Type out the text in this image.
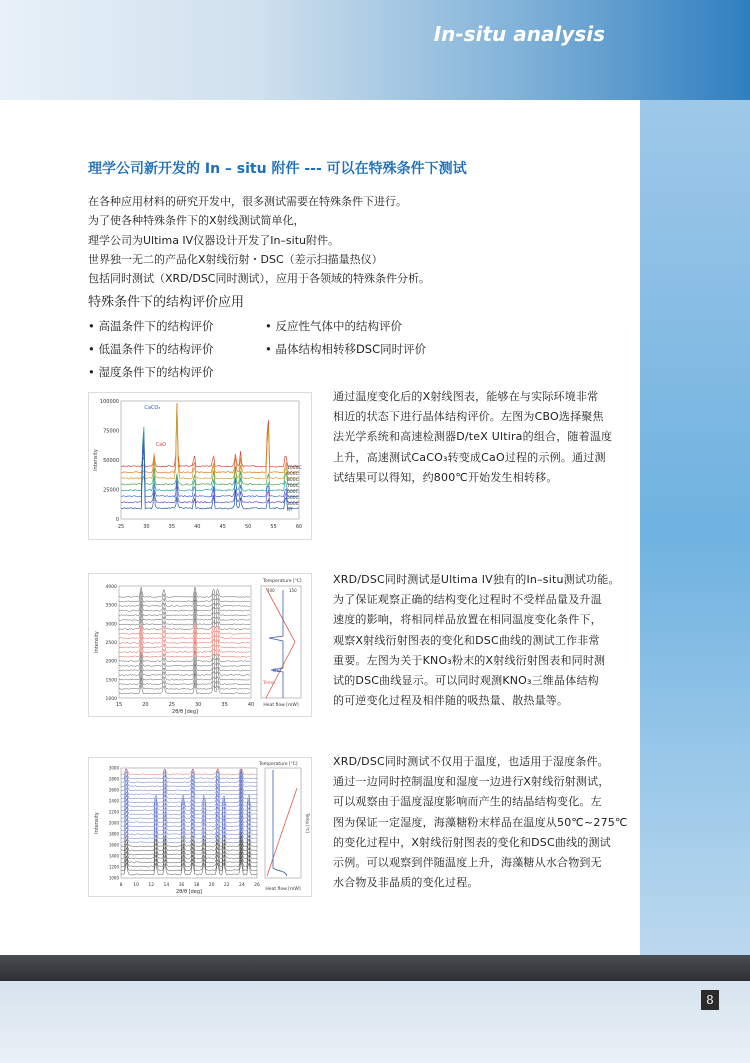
In-situ analysis
8
理学公司新开发的 In – situ 附件 --- 可以在特殊条件下测试
在各种应用材料的研究开发中，很多测试需要在特殊条件下进行。
为了使各种特殊条件下的X射线测试简单化，
理学公司为Ultima IV仪器设计开发了In–situ附件。
世界独一无二的产品化X射线衍射・DSC（差示扫描量热仪）
包括同时测试（XRD/DSC同时测试），应用于各领域的特殊条件分析。
特殊条件下的结构评价应用
• 高温条件下的结构评价	• 反应性气体中的结构评价
• 低温条件下的结构评价	• 晶体结构相转移DSC同时评价
• 湿度条件下的结构评价
25	30	35	40	45	50	55	60
0
25000
50000
75000
100000
Intensity	1000C
900C
800C
700C
600C
500C
300C
RT
CaCO₃
CaO
通过温度变化后的X射线图表，能够在与实际环境非常
相近的状态下进行晶体结构评价。左图为CBO选择聚焦
法光学系统和高速检测器D/teX Ultira的组合，随着温度
上升，高速测试CaCO₃转变成CaO过程的示例。通过测
试结果可以得知，约800℃开始发生相转移。
15	20	25	30	35	40
1000
1500
2000
2500
3000
3500
4000
Intensity
2θ/θ [deg]
Temperature [℃]
100	150
Heat flow [mW]
DSC
Temp
XRD/DSC同时测试是Ultima IV独有的In–situ测试功能。
为了保证观察正确的结构变化过程时不受样品量及升温
速度的影响，将相同样品放置在相同温度变化条件下，
观察X射线衍射图表的变化和DSC曲线的测试工作非常
重要。左图为关于KNO₃粉末的X射线衍射图表和同时测
试的DSC曲线显示。可以同时观测KNO₃三维晶体结构
的可逆变化过程及相伴随的吸热量、散热量等。
8 10 12 14 16 18 20 22 24 26
1000
1200
1400
1600
1800
2000
2200
2400
2600
2800
3000
Intensity
2θ/θ [deg]
Temperature [℃]
Heat flow [mW]
Temp [℃]
XRD/DSC同时测试不仅用于温度，也适用于湿度条件。
通过一边同时控制温度和湿度一边进行X射线衍射测试，
可以观察由于温度湿度影响而产生的结晶结构变化。左
图为保证一定湿度，海藻糖粉末样品在温度从50℃~275℃
的变化过程中，X射线衍射图表的变化和DSC曲线的测试
示例。可以观察到伴随温度上升，海藻糖从水合物到无
水合物及非晶质的变化过程。
